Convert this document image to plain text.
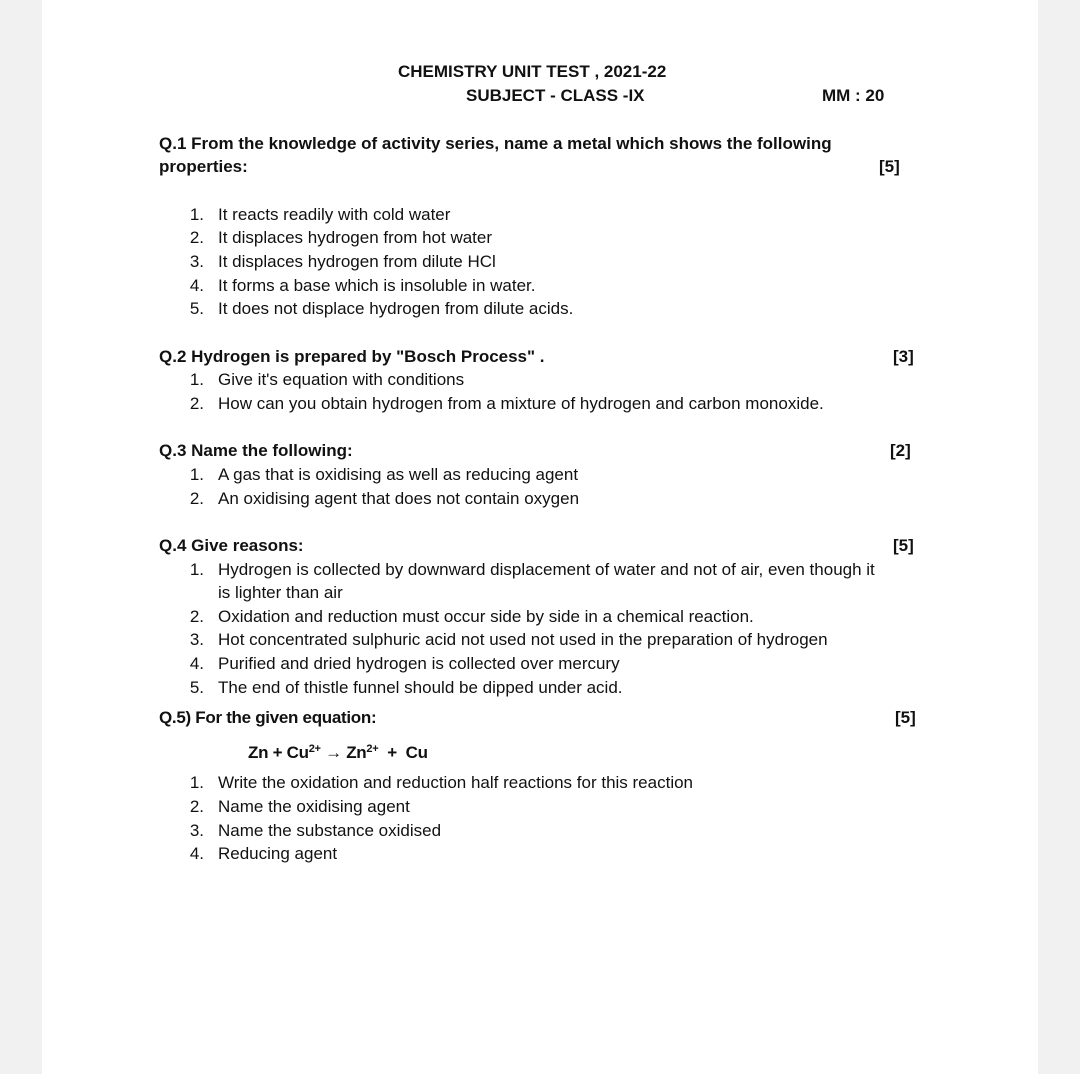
CHEMISTRY UNIT TEST , 2021-22
SUBJECT - CLASS -IX	MM : 20
Q.1 From the knowledge of activity series, name a metal which shows the following
properties:	[5]
1. It reacts readily with cold water
2. It displaces hydrogen from hot water
3. It displaces hydrogen from dilute HCl
4. It forms a base which is insoluble in water.
5. It does not displace hydrogen from dilute acids.
Q.2 Hydrogen is prepared by "Bosch Process" .	[3]
1. Give it's equation with conditions
2. How can you obtain hydrogen from a mixture of hydrogen and carbon monoxide.
Q.3 Name the following:	[2]
1. A gas that is oxidising as well as reducing agent
2. An oxidising agent that does not contain oxygen
Q.4 Give reasons:	[5]
1. Hydrogen is collected by downward displacement of water and not of air, even though it
is lighter than air
2. Oxidation and reduction must occur side by side in a chemical reaction.
3. Hot concentrated sulphuric acid not used not used in the preparation of hydrogen
4. Purified and dried hydrogen is collected over mercury
5. The end of thistle funnel should be dipped under acid.
Q.5) For the given equation:	[5]
$Zn + Cu^{2+} \to Zn^{2+} + Cu$
1. Write the oxidation and reduction half reactions for this reaction
2. Name the oxidising agent
3. Name the substance oxidised
4. Reducing agent
